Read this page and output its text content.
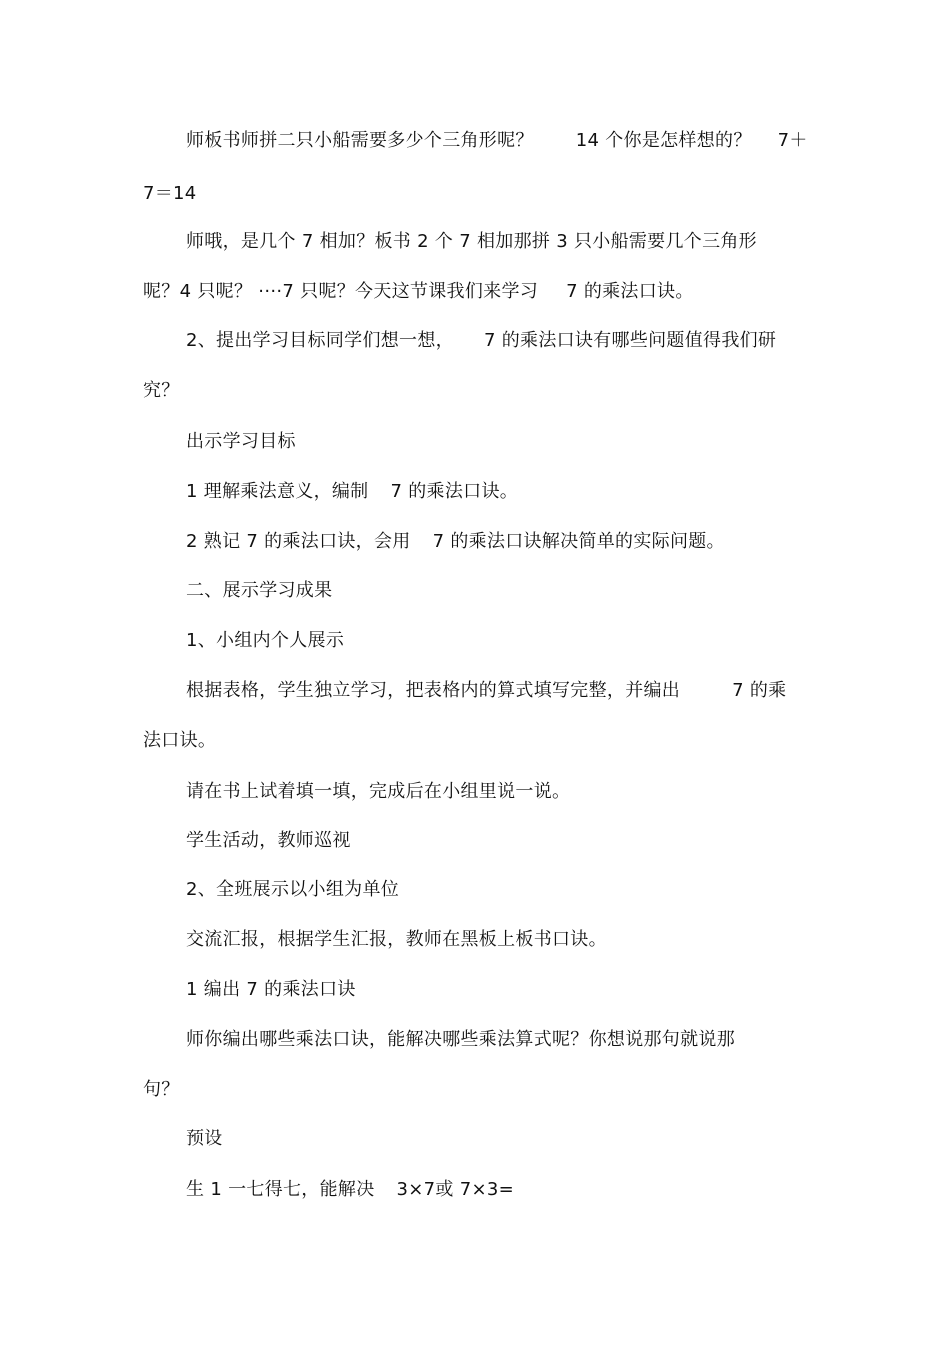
师板书师拼二只小船需要多少个三角形呢？ 14 个你是怎样想的？ 7＋
7＝14
师哦，是几个 7 相加？板书 2 个 7 相加那拼 3 只小船需要几个三角形
呢？4 只呢？ ····7 只呢？今天这节课我们来学习 7 的乘法口诀。
2、提出学习目标同学们想一想， 7 的乘法口诀有哪些问题值得我们研
究？
出示学习目标
1 理解乘法意义，编制 7 的乘法口诀。
2 熟记 7 的乘法口诀，会用 7 的乘法口诀解决简单的实际问题。
二、展示学习成果
1、小组内个人展示
根据表格，学生独立学习，把表格内的算式填写完整，并编出	7 的乘
法口诀。
请在书上试着填一填，完成后在小组里说一说。
学生活动，教师巡视
2、全班展示以小组为单位
交流汇报，根据学生汇报，教师在黑板上板书口诀。
1 编出 7 的乘法口诀
师你编出哪些乘法口诀，能解决哪些乘法算式呢？你想说那句就说那
句？
预设
生 1 一七得七，能解决 3×7或 7×3=
